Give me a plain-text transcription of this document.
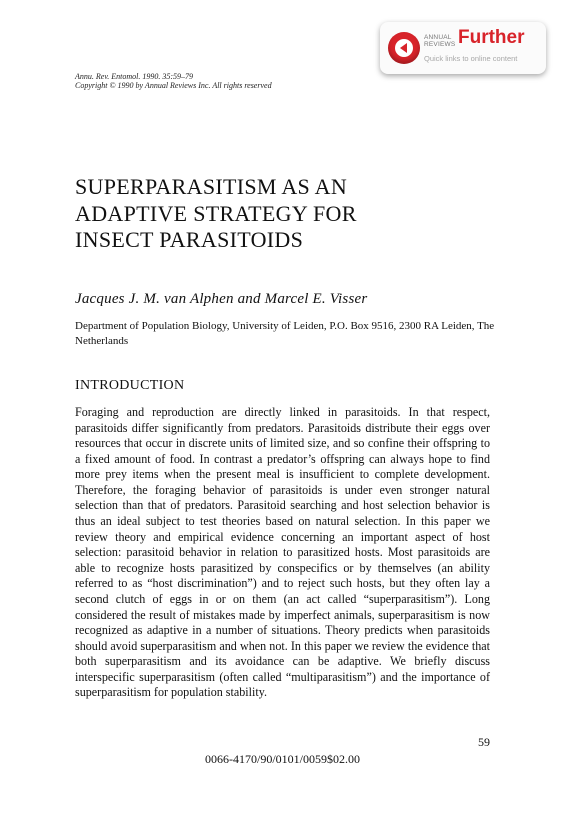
ANNUAL
REVIEWS Further
Quick links to online content
Annu. Rev. Entomol. 1990. 35:59–79
Copyright © 1990 by Annual Reviews Inc. All rights reserved
SUPERPARASITISM AS AN
ADAPTIVE STRATEGY FOR
INSECT PARASITOIDS
Jacques J. M. van Alphen and Marcel E. Visser
Department of Population Biology, University of Leiden, P.O. Box 9516, 2300 RA Leiden, The Netherlands
INTRODUCTION
Foraging and reproduction are directly linked in parasitoids. In that respect, parasitoids differ significantly from predators. Parasitoids distribute their eggs over resources that occur in discrete units of limited size, and so confine their offspring to a fixed amount of food. In contrast a predator’s offspring can always hope to find more prey items when the present meal is insufficient to complete development. Therefore, the foraging behavior of parasitoids is under even stronger natural selection than that of predators. Parasitoid searching and host selection behavior is thus an ideal subject to test theories based on natural selection. In this paper we review theory and empirical evidence concerning an important aspect of host selection: parasitoid behavior in relation to parasitized hosts. Most parasitoids are able to recognize hosts parasitized by conspecifics or by themselves (an ability referred to as “host discrimination”) and to reject such hosts, but they often lay a second clutch of eggs in or on them (an act called “superparasitism”). Long considered the result of mistakes made by imperfect animals, superparasitism is now recognized as adaptive in a number of situations. Theory predicts when parasitoids should avoid superparasitism and when not. In this paper we review the evidence that both superparasitism and its avoidance can be adaptive. We briefly discuss interspecific superparasitism (often called “multiparasitism”) and the importance of superparasitism for population stability.
59
0066-4170/90/0101/0059$02.00
